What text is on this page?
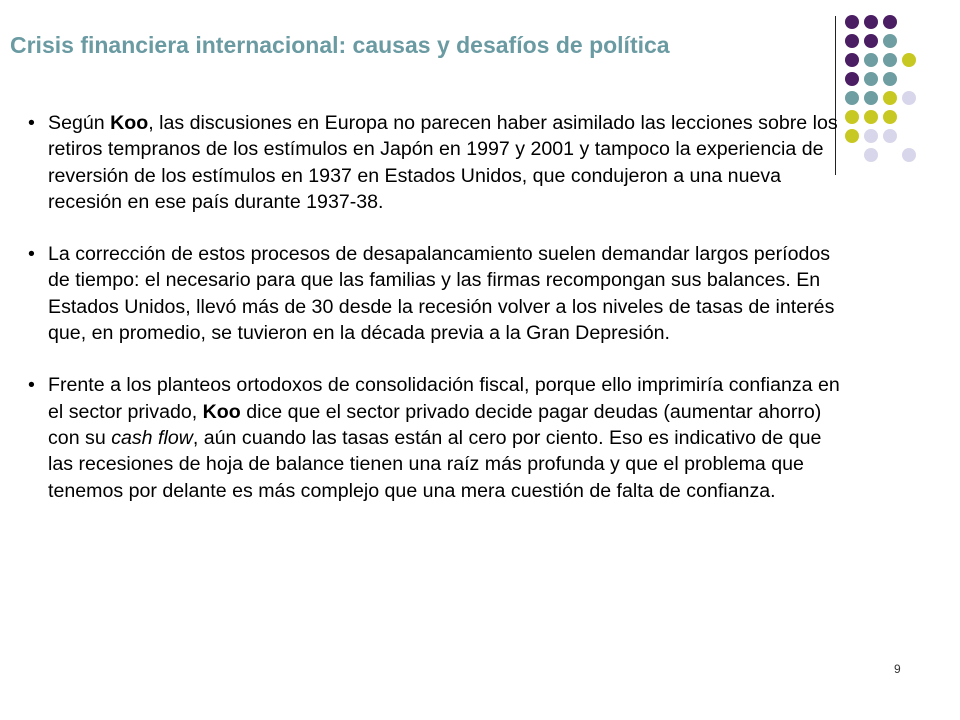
Crisis financiera internacional: causas y desafíos de política

• Según Koo, las discusiones en Europa no parecen haber asimilado las lecciones sobre los retiros tempranos de los estímulos en Japón en 1997 y 2001 y tampoco la experiencia de reversión de los estímulos en 1937 en Estados Unidos, que condujeron a una nueva recesión en ese país durante 1937-38.

• La corrección de estos procesos de desapalancamiento suelen demandar largos períodos de tiempo: el necesario para que las familias y las firmas recompongan sus balances. En Estados Unidos, llevó más de 30 desde la recesión volver a los niveles de tasas de interés que, en promedio, se tuvieron en la década previa a la Gran Depresión.

• Frente a los planteos ortodoxos de consolidación fiscal, porque ello imprimiría confianza en el sector privado, Koo dice que el sector privado decide pagar deudas (aumentar ahorro) con su cash flow, aún cuando las tasas están al cero por ciento. Eso es indicativo de que las recesiones de hoja de balance tienen una raíz más profunda y que el problema que tenemos por delante es más complejo que una mera cuestión de falta de confianza.

9
